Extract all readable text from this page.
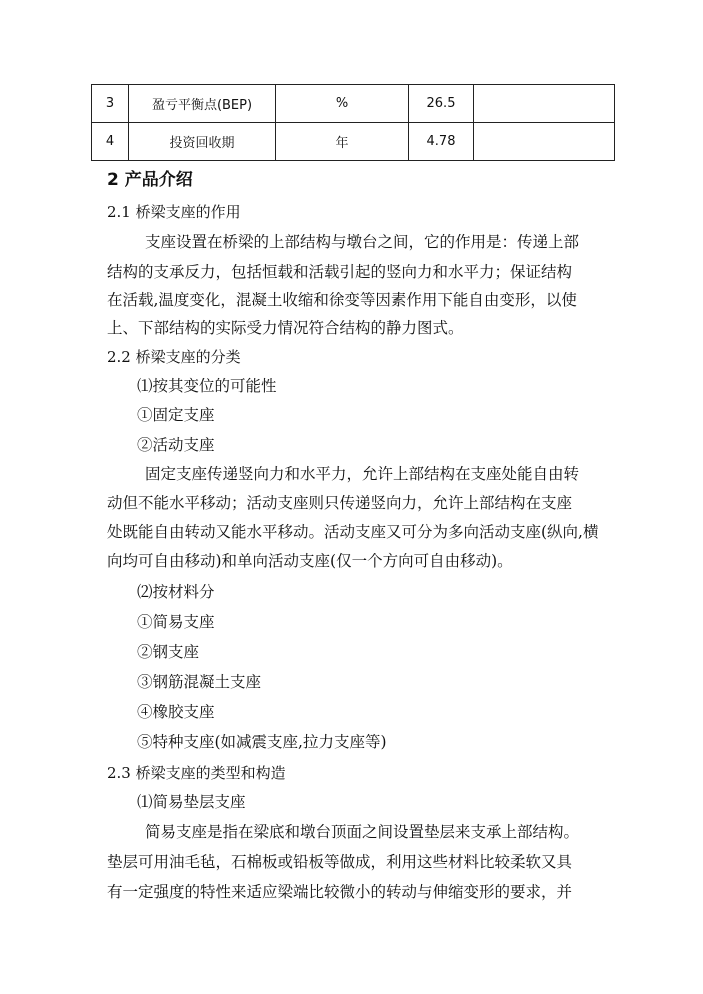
3	盈亏平衡点(BEP)	%	26.5	
4	投资回收期	年	4.78	
2 产品介绍
2.1 桥梁支座的作用
支座设置在桥梁的上部结构与墩台之间，它的作用是：传递上部
结构的支承反力，包括恒载和活载引起的竖向力和水平力；保证结构
在活载,温度变化，混凝土收缩和徐变等因素作用下能自由变形，以使
上、下部结构的实际受力情况符合结构的静力图式。
2.2 桥梁支座的分类
⑴按其变位的可能性
①固定支座
②活动支座
固定支座传递竖向力和水平力，允许上部结构在支座处能自由转
动但不能水平移动；活动支座则只传递竖向力，允许上部结构在支座
处既能自由转动又能水平移动。活动支座又可分为多向活动支座(纵向,横
向均可自由移动)和单向活动支座(仅一个方向可自由移动)。
⑵按材料分
①简易支座
②钢支座
③钢筋混凝土支座
④橡胶支座
⑤特种支座(如减震支座,拉力支座等)
2.3 桥梁支座的类型和构造
⑴简易垫层支座
简易支座是指在梁底和墩台顶面之间设置垫层来支承上部结构。
垫层可用油毛毡，石棉板或铅板等做成，利用这些材料比较柔软又具
有一定强度的特性来适应梁端比较微小的转动与伸缩变形的要求，并
